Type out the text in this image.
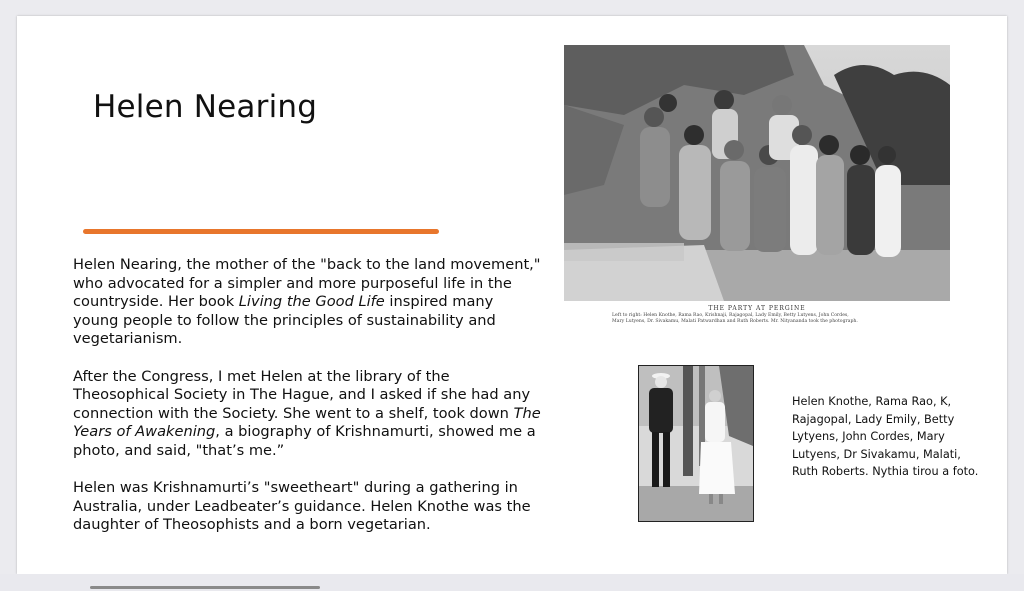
Helen Nearing

Helen Nearing, the mother of the "back to the land movement," who advocated for a simpler and more purposeful life in the countryside. Her book Living the Good Life inspired many young people to follow the principles of sustainability and vegetarianism.

After the Congress, I met Helen at the library of the Theosophical Society in The Hague, and I asked if she had any connection with the Society. She went to a shelf, took down The Years of Awakening, a biography of Krishnamurti, showed me a photo, and said, "that’s me.”

Helen was Krishnamurti’s "sweetheart" during a gathering in Australia, under Leadbeater’s guidance. Helen Knothe was the daughter of Theosophists and a born vegetarian.

THE PARTY AT PERGINE
Left to right: Helen Knothe, Rama Rao, Krishnaji, Rajagopal, Lady Emily, Betty Lutyens, John Cordes,
Mary Lutyens, Dr. Sivakamu, Malati Patwardhan and Ruth Roberts. Mr. Nityananda took the photograph.
Helen Knothe, Rama Rao, K, Rajagopal, Lady Emily, Betty Lytyens, John Cordes, Mary Lutyens, Dr Sivakamu, Malati, Ruth Roberts. Nythia tirou a foto.
